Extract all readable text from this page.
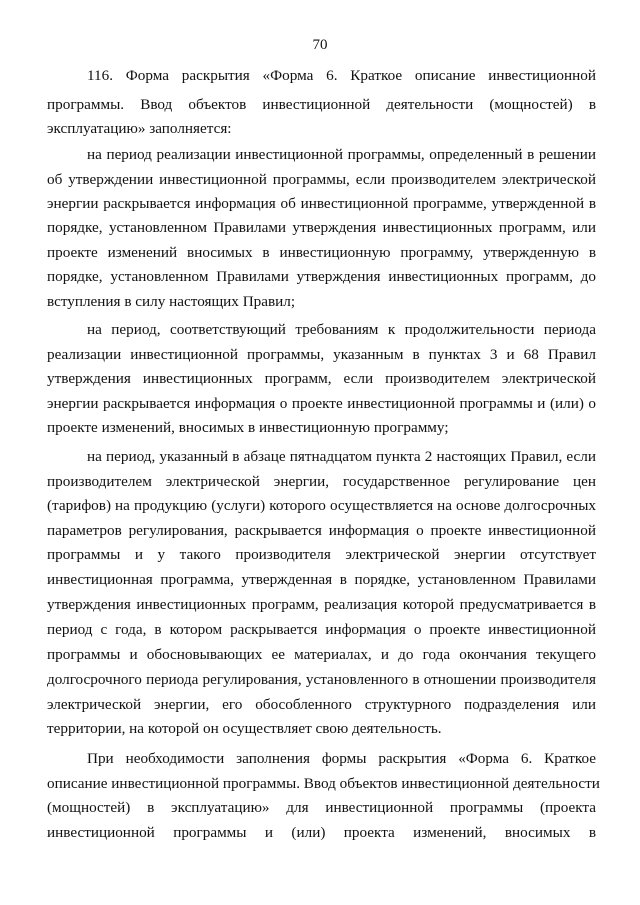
70
116. Форма раскрытия «Форма 6. Краткое описание инвестиционной
программы. Ввод объектов инвестиционной деятельности (мощностей) в
эксплуатацию» заполняется:
на период реализации инвестиционной программы, определенный в решении
об утверждении инвестиционной программы, если производителем электрической
энергии раскрывается информация об инвестиционной программе, утвержденной в
порядке, установленном Правилами утверждения инвестиционных программ, или
проекте изменений вносимых в инвестиционную программу, утвержденную в
порядке, установленном Правилами утверждения инвестиционных программ, до
вступления в силу настоящих Правил;
на период, соответствующий требованиям к продолжительности периода
реализации инвестиционной программы, указанным в пунктах 3 и 68 Правил
утверждения инвестиционных программ, если производителем электрической
энергии раскрывается информация о проекте инвестиционной программы и (или) о
проекте изменений, вносимых в инвестиционную программу;
на период, указанный в абзаце пятнадцатом пункта 2 настоящих Правил, если
производителем электрической энергии, государственное регулирование цен
(тарифов) на продукцию (услуги) которого осуществляется на основе долгосрочных
параметров регулирования, раскрывается информация о проекте инвестиционной
программы и у такого производителя электрической энергии отсутствует
инвестиционная программа, утвержденная в порядке, установленном Правилами
утверждения инвестиционных программ, реализация которой предусматривается в
период с года, в котором раскрывается информация о проекте инвестиционной
программы и обосновывающих ее материалах, и до года окончания текущего
долгосрочного периода регулирования, установленного в отношении производителя
электрической энергии, его обособленного структурного подразделения или
территории, на которой он осуществляет свою деятельность.
При необходимости заполнения формы раскрытия «Форма 6. Краткое
описание инвестиционной программы. Ввод объектов инвестиционной деятельности
(мощностей) в эксплуатацию» для инвестиционной программы (проекта
инвестиционной программы и (или) проекта изменений, вносимых в
